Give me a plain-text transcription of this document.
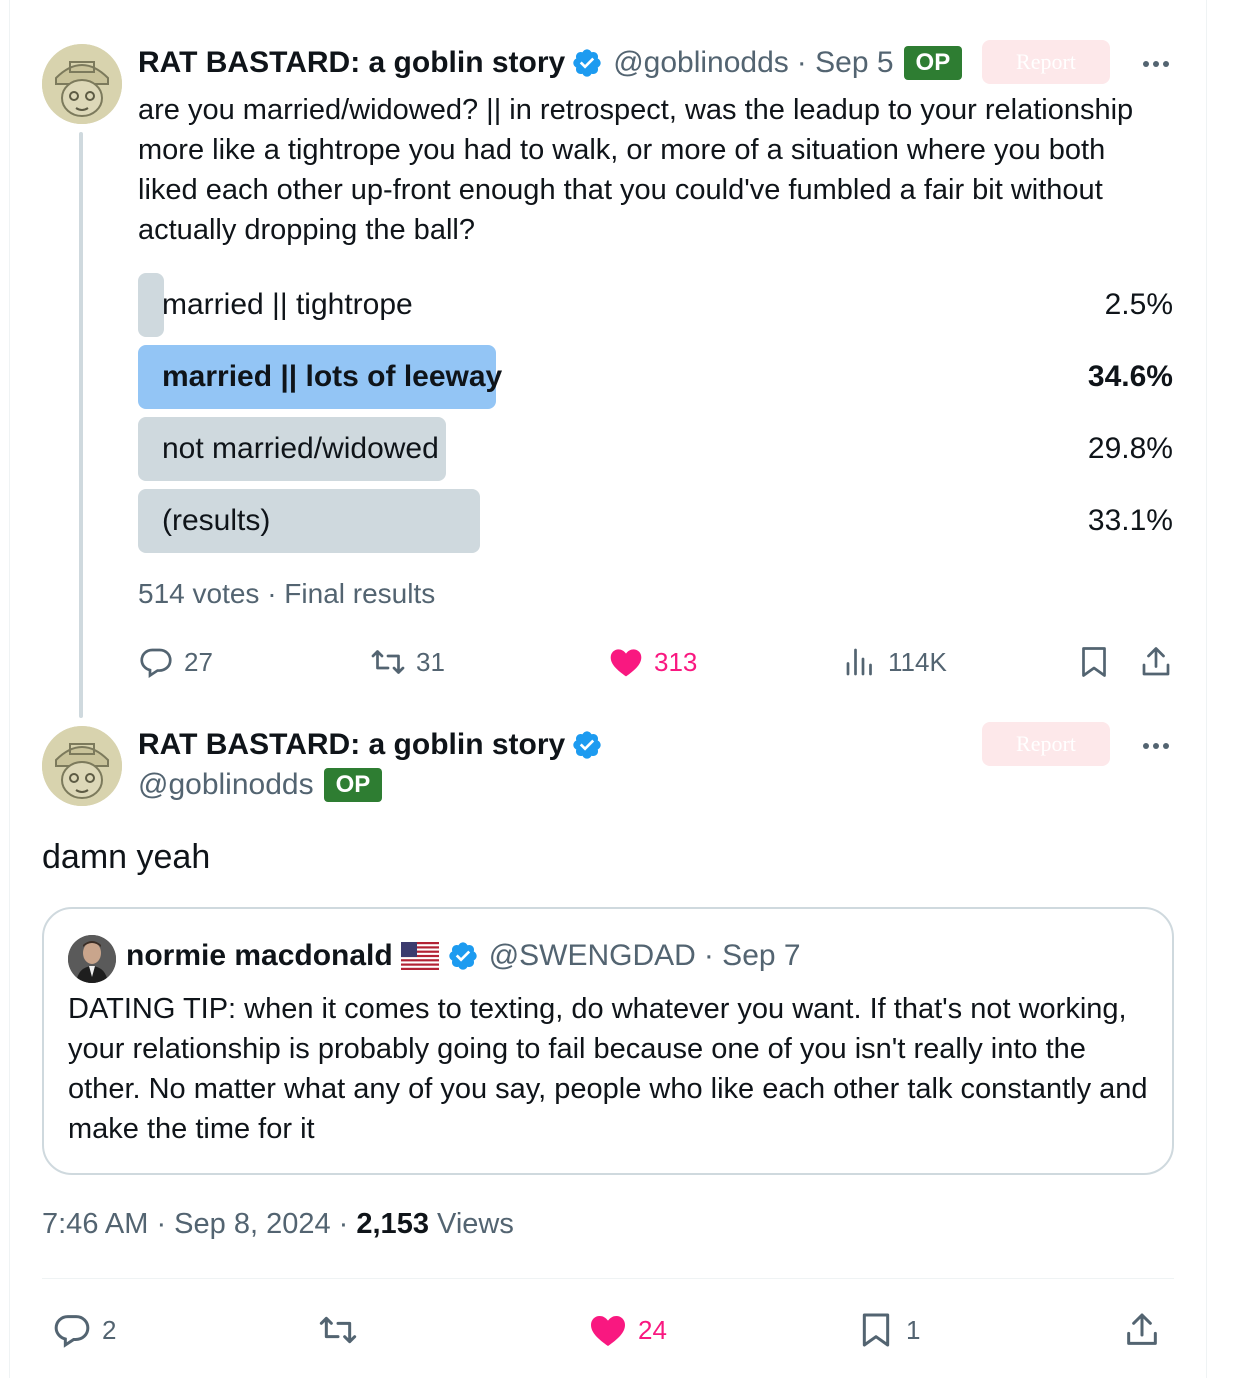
RAT BASTARD: a goblin story @goblinodds · Sep 5 OP	Report
are you married/widowed? || in retrospect, was the leadup to your relationship more like a tightrope you had to walk, or more of a situation where you both liked each other up-front enough that you could've fumbled a fair bit without actually dropping the ball?
married || tightrope	2.5%
married || lots of leeway	34.6%
not married/widowed	29.8%
(results)	33.1%
514 votes · Final results
27	31	313	114K
RAT BASTARD: a goblin story
@goblinodds OP
Report
damn yeah
normie macdonald	@SWENGDAD · Sep 7
DATING TIP: when it comes to texting, do whatever you want. If that's not working, your relationship is probably going to fail because one of you isn't really into the other. No matter what any of you say, people who like each other talk constantly and make the time for it
7:46 AM · Sep 8, 2024 · 2,153 Views
2	24	1
